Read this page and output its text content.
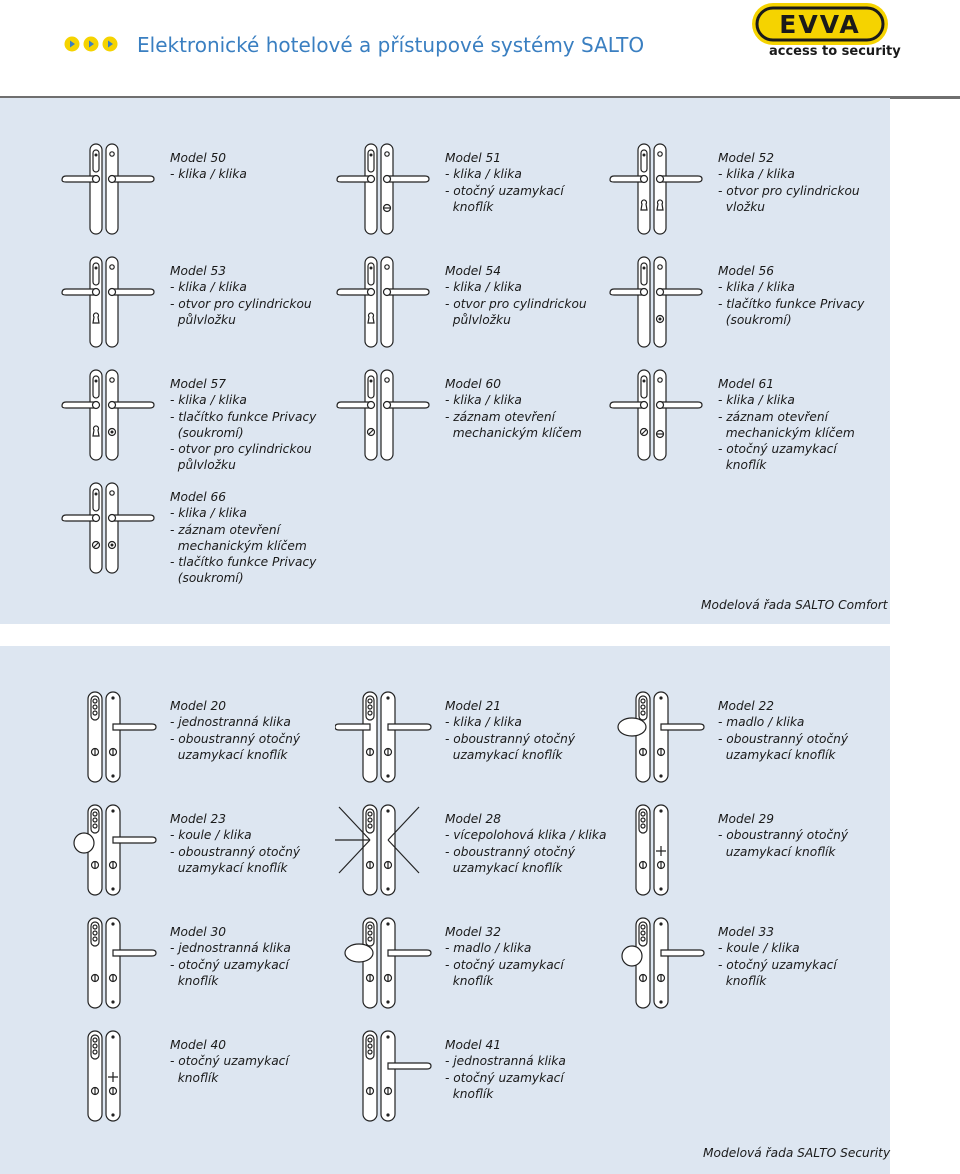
Elektronické hotelové a přístupové systémy SALTO
EVVA
access to security
Model 50
- klika / klika
Model 51
- klika / klika
- otočný uzamykací
knoflík
Model 52
- klika / klika
- otvor pro cylindrickou
vložku
Model 53
- klika / klika
- otvor pro cylindrickou
půlvložku
Model 54
- klika / klika
- otvor pro cylindrickou
půlvložku
Model 56
- klika / klika
- tlačítko funkce Privacy
(soukromí)
Model 57
- klika / klika
- tlačítko funkce Privacy
(soukromí)
- otvor pro cylindrickou
půlvložku
Model 60
- klika / klika
- záznam otevření
mechanickým klíčem
Model 61
- klika / klika
- záznam otevření
mechanickým klíčem
- otočný uzamykací
knoflík
Model 66
- klika / klika
- záznam otevření
mechanickým klíčem
- tlačítko funkce Privacy
(soukromí)
Model 20
- jednostranná klika
- oboustranný otočný
uzamykací knoflík
Model 21
- klika / klika
- oboustranný otočný
uzamykací knoflík
Model 22
- madlo / klika
- oboustranný otočný
uzamykací knoflík
Model 23
- koule / klika
- oboustranný otočný
uzamykací knoflík
Model 28
- vícepolohová klika / klika
- oboustranný otočný
uzamykací knoflík
Model 29
- oboustranný otočný
uzamykací knoflík
Model 30
- jednostranná klika
- otočný uzamykací
knoflík
Model 32
- madlo / klika
- otočný uzamykací
knoflík
Model 33
- koule / klika
- otočný uzamykací
knoflík
Model 40
- otočný uzamykací
knoflík
Model 41
- jednostranná klika
- otočný uzamykací
knoflík
Modelová řada SALTO Comfort
Modelová řada SALTO Security
